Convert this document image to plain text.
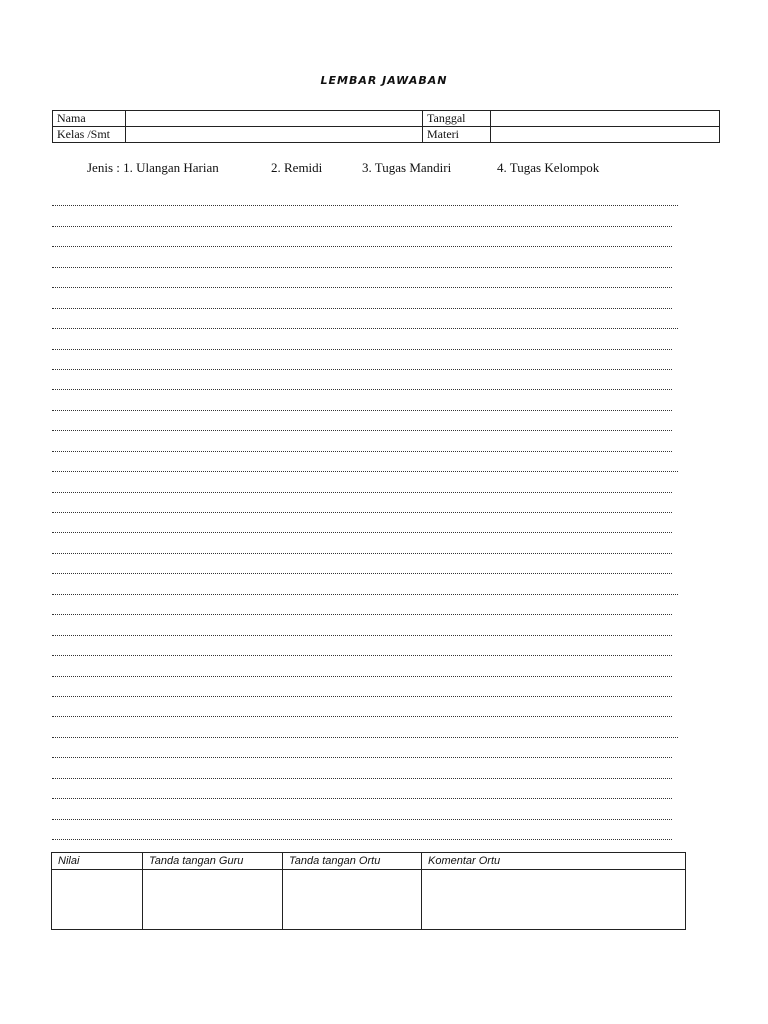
LEMBAR JAWABAN
Nama		Tanggal	
Kelas /Smt		Materi	
Jenis : 1. Ulangan Harian	2. Remidi	3. Tugas Mandiri	4. Tugas Kelompok
Nilai	Tanda tangan Guru	Tanda tangan Ortu	Komentar Ortu
